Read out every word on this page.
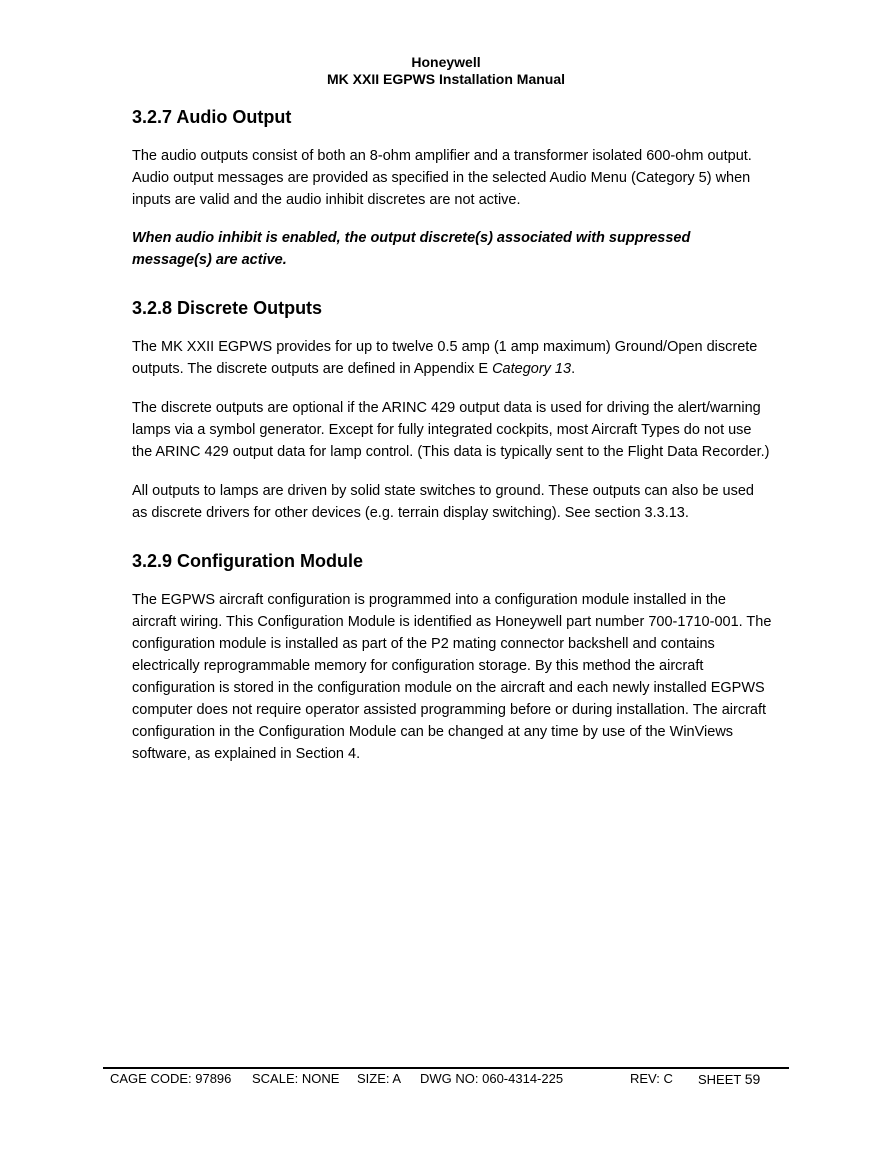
Honeywell
MK XXII EGPWS Installation Manual
3.2.7 Audio Output

The audio outputs consist of both an 8-ohm amplifier and a transformer isolated 600-ohm output. Audio output messages are provided as specified in the selected Audio Menu (Category 5) when inputs are valid and the audio inhibit discretes are not active.

When audio inhibit is enabled, the output discrete(s) associated with suppressed message(s) are active.

3.2.8 Discrete Outputs

The MK XXII EGPWS provides for up to twelve 0.5 amp (1 amp maximum) Ground/Open discrete outputs. The discrete outputs are defined in Appendix E Category 13.

The discrete outputs are optional if the ARINC 429 output data is used for driving the alert/warning lamps via a symbol generator. Except for fully integrated cockpits, most Aircraft Types do not use the ARINC 429 output data for lamp control. (This data is typically sent to the Flight Data Recorder.)

All outputs to lamps are driven by solid state switches to ground. These outputs can also be used as discrete drivers for other devices (e.g. terrain display switching). See section 3.3.13.

3.2.9 Configuration Module

The EGPWS aircraft configuration is programmed into a configuration module installed in the aircraft wiring. This Configuration Module is identified as Honeywell part number 700-1710-001. The configuration module is installed as part of the P2 mating connector backshell and contains electrically reprogrammable memory for configuration storage. By this method the aircraft configuration is stored in the configuration module on the aircraft and each newly installed EGPWS computer does not require operator assisted programming before or during installation. The aircraft configuration in the Configuration Module can be changed at any time by use of the WinViews software, as explained in Section 4.

CAGE CODE: 97896 SCALE: NONE SIZE: A DWG NO: 060-4314-225	REV: C SHEET 59
